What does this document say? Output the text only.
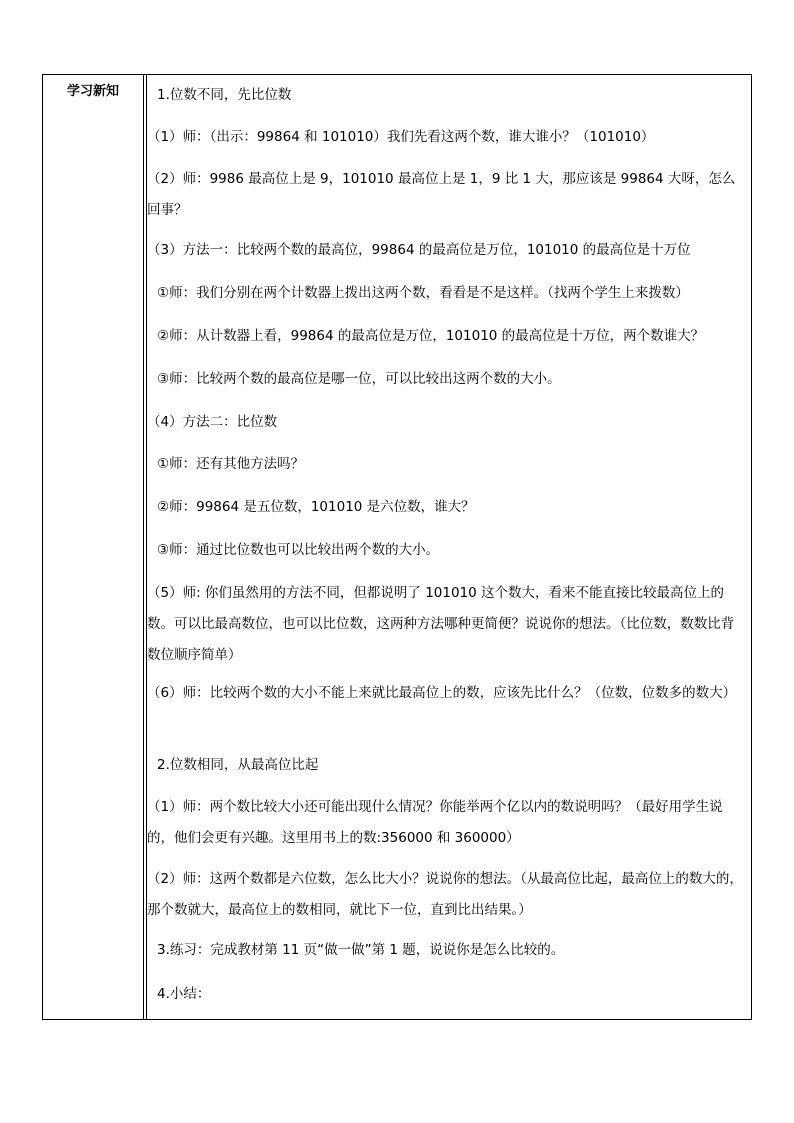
学习新知	1.位数不同，先比位数

（1）师：（出示：99864 和 101010）我们先看这两个数，谁大谁小？（101010）

（2）师：9986 最高位上是 9，101010 最高位上是 1，9 比 1 大，那应该是 99864 大呀，怎么回事？

（3）方法一：比较两个数的最高位，99864 的最高位是万位，101010 的最高位是十万位

①师：我们分别在两个计数器上拨出这两个数，看看是不是这样。（找两个学生上来拨数）

②师：从计数器上看，99864 的最高位是万位，101010 的最高位是十万位，两个数谁大？

③师：比较两个数的最高位是哪一位，可以比较出这两个数的大小。

（4）方法二：比位数

①师：还有其他方法吗？

②师：99864 是五位数，101010 是六位数，谁大？

③师：通过比位数也可以比较出两个数的大小。

（5）师: 你们虽然用的方法不同，但都说明了 101010 这个数大，看来不能直接比较最高位上的数。可以比最高数位，也可以比位数，这两种方法哪种更简便？说说你的想法。（比位数，数数比背数位顺序简单）

（6）师：比较两个数的大小不能上来就比最高位上的数，应该先比什么？（位数，位数多的数大）

2.位数相同，从最高位比起

（1）师：两个数比较大小还可能出现什么情况？你能举两个亿以内的数说明吗？（最好用学生说的，他们会更有兴趣。这里用书上的数:356000 和 360000）

（2）师：这两个数都是六位数，怎么比大小？说说你的想法。（从最高位比起，最高位上的数大的，那个数就大，最高位上的数相同，就比下一位，直到比出结果。）

3.练习：完成教材第 11 页“做一做”第 1 题，说说你是怎么比较的。

4.小结：
